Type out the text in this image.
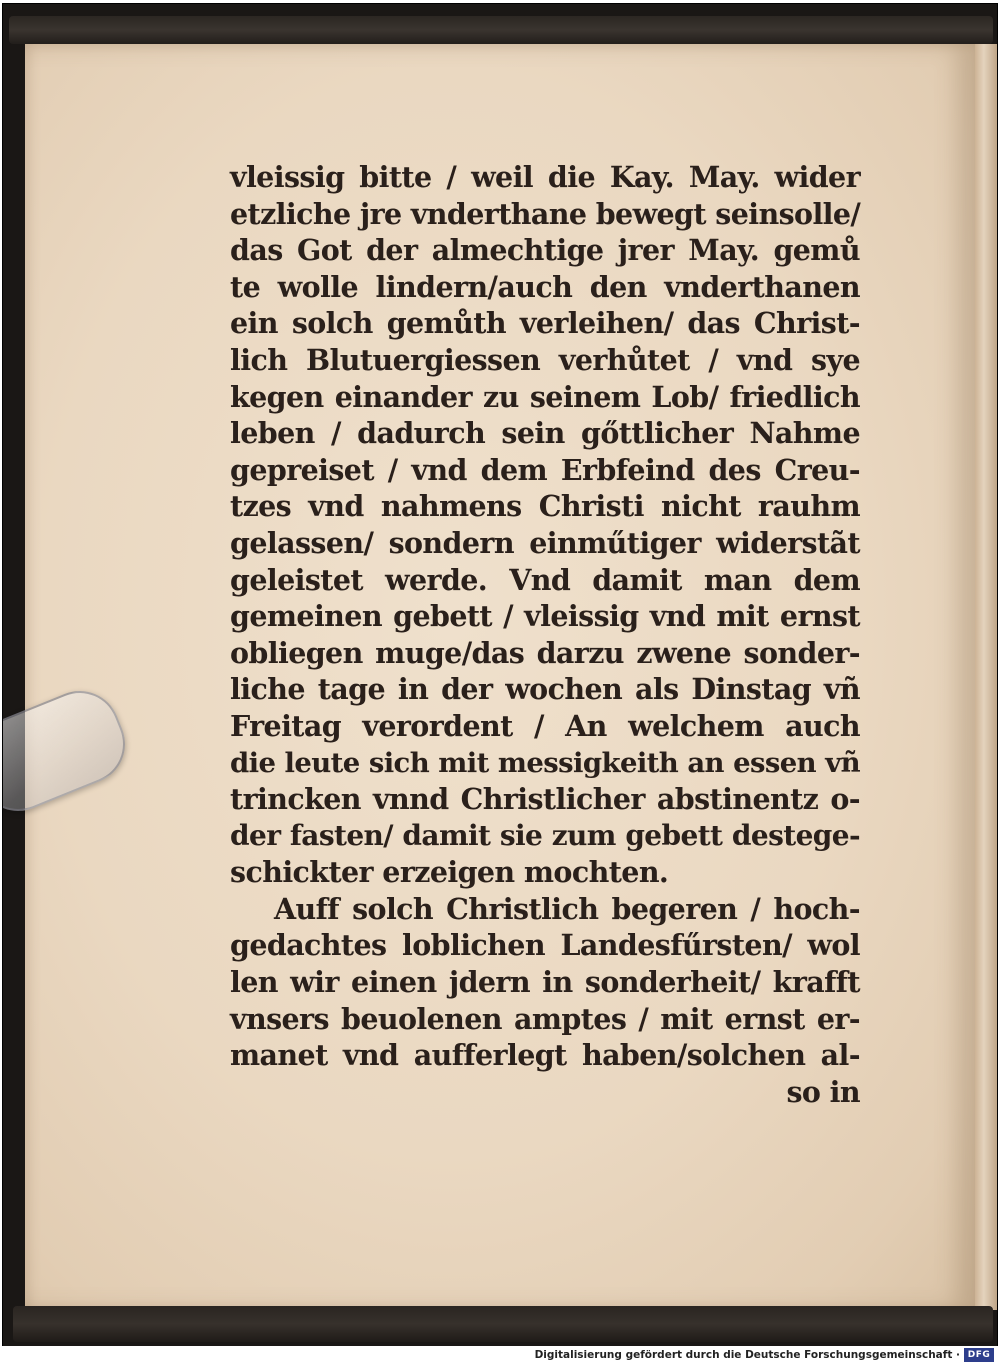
vleissig bitte / weil die Kay. May. wider
etzliche jre vnderthane bewegt seinsolle/
das Got der almechtige jrer May. gemů
te wolle lindern/auch den vnderthanen
ein solch gemůth verleihen/ das Christ-
lich Blutuergiessen verhůtet / vnd sye
kegen einander zu seinem Lob/ friedlich
leben / dadurch sein gőttlicher Nahme
gepreiset / vnd dem Erbfeind des Creu-
tzes vnd nahmens Christi nicht rauhm
gelassen/ sondern einműtiger widerstãt
geleistet werde. Vnd damit man dem
gemeinen gebett / vleissig vnd mit ernst
obliegen muge/das darzu zwene sonder-
liche tage in der wochen als Dinstag vñ
Freitag verordent / An welchem auch
die leute sich mit messigkeith an essen vñ
trincken vnnd Christlicher abstinentz o-
der fasten/ damit sie zum gebett destege-
schickter erzeigen mochten.
Auff solch Christlich begeren / hoch-
gedachtes loblichen Landesfűrsten/ wol
len wir einen jdern in sonderheit/ krafft
vnsers beuolenen amptes / mit ernst er-
manet vnd aufferlegt haben/solchen al-
so in
Digitalisierung gefördert durch die Deutsche Forschungsgemeinschaft · DFG
